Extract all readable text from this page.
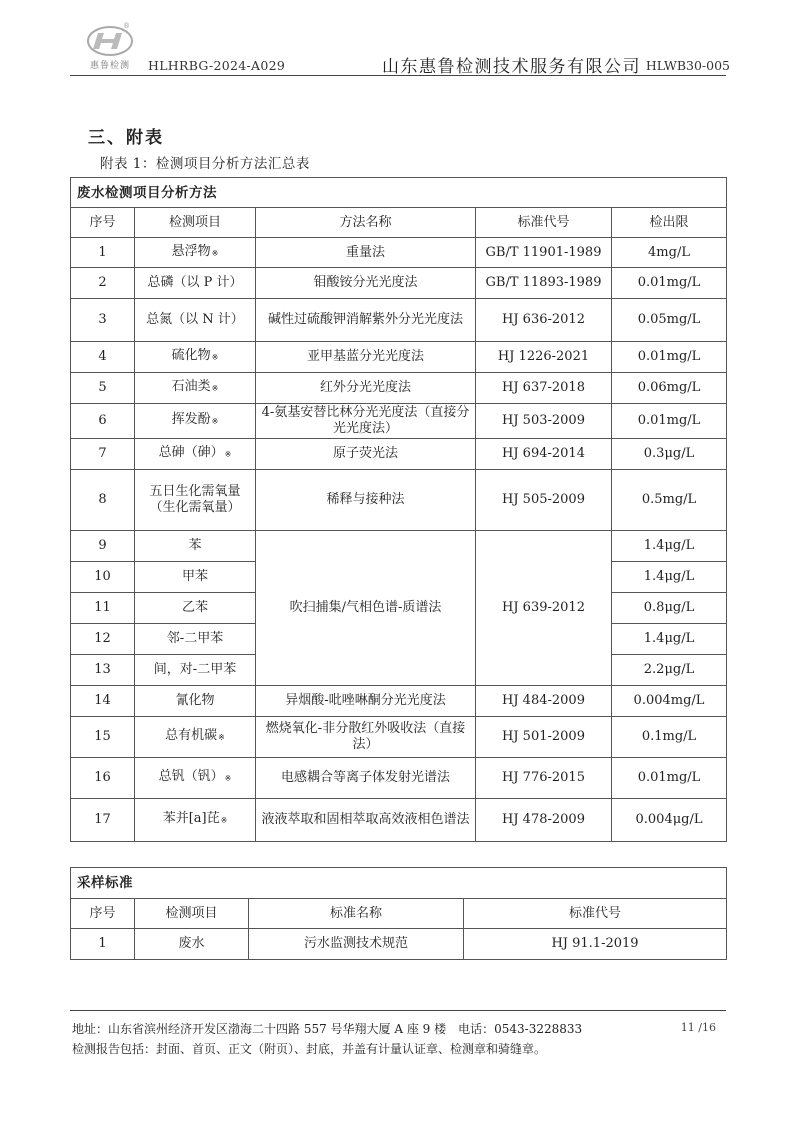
®
惠鲁检测	HLHRBG-2024-A029	山东惠鲁检测技术服务有限公司 HLWB30-005
三、附表
附表 1：检测项目分析方法汇总表
废水检测项目分析方法				
序号	检测项目	方法名称	标准代号	检出限
1	悬浮物※	重量法	GB/T 11901-1989	4mg/L
2	总磷（以 P 计）	钼酸铵分光光度法	GB/T 11893-1989	0.01mg/L
3	总氮（以 N 计）	碱性过硫酸钾消解紫外分光光度法	HJ 636-2012	0.05mg/L
4	硫化物※	亚甲基蓝分光光度法	HJ 1226-2021	0.01mg/L
5	石油类※	红外分光光度法	HJ 637-2018	0.06mg/L
6	挥发酚※	4-氨基安替比林分光光度法（直接分光光度法）	HJ 503-2009	0.01mg/L
7	总砷（砷）※	原子荧光法	HJ 694-2014	0.3μg/L
8	五日生化需氧量（生化需氧量）	稀释与接种法	HJ 505-2009	0.5mg/L
9	苯	吹扫捕集/气相色谱-质谱法	HJ 639-2012	1.4μg/L
10	甲苯			1.4μg/L
11	乙苯			0.8μg/L
12	邻-二甲苯			1.4μg/L
13	间，对-二甲苯			2.2μg/L
14	氰化物	异烟酸-吡唑啉酮分光光度法	HJ 484-2009	0.004mg/L
15	总有机碳※	燃烧氧化-非分散红外吸收法（直接法）	HJ 501-2009	0.1mg/L
16	总钒（钒）※	电感耦合等离子体发射光谱法	HJ 776-2015	0.01mg/L
17	苯并[a]芘※	液液萃取和固相萃取高效液相色谱法	HJ 478-2009	0.004μg/L
采样标准			
序号	检测项目	标准名称	标准代号
1	废水	污水监测技术规范	HJ 91.1-2019
地址：山东省滨州经济开发区渤海二十四路 557 号华翔大厦 A 座 9 楼　电话：0543-3228833	11 /16
检测报告包括：封面、首页、正文（附页）、封底，并盖有计量认证章、检测章和骑缝章。
